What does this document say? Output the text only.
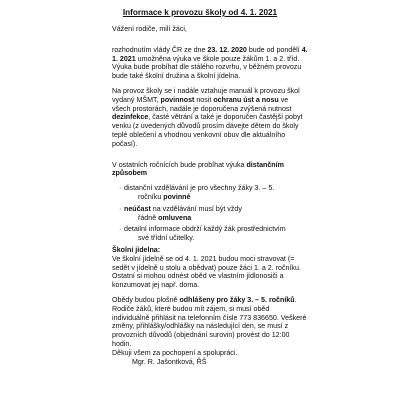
Informace k provozu školy od 4. 1. 2021

Vážení rodiče, milí žáci,

rozhodnutím vlády ČR ze dne 23. 12. 2020 bude od pondělí 4. 1. 2021 umožněna výuka ve škole pouze žákům 1. a 2. tříd.

Výuka bude probíhat dle stálého rozvrhu, v běžném provozu bude také školní družina a školní jídelna.

Na provoz školy se i nadále vztahuje manuál k provozu škol vydaný MŠMT, povinnost nosit ochranu úst a nosu ve všech prostorách, nadále je doporučena zvýšená nutnost dezinfekce, časté větrání a také je doporučen častější pobyt venku (z uvedených důvodů prosím dávejte dětem do školy teplé oblečení a vhodnou venkovní obuv dle aktuálního počasí).

V ostatních ročnících bude probíhat výuka distančním způsobem

· distanční vzdělávání je pro všechny žáky 3. – 5.
ročníku povinné
· neúčast na vzdělávání musí být vždy
řádně omluvena
· detailní informace obdrží každý žák prostřednictvím
své třídní učitelky.

Školní jídelna:

Ve školní jídelně se od 4. 1. 2021 budou moci stravovat (= sedět v jídelně u stolu a obědvat) pouze žáci 1. a 2. ročníku. Ostatní si mohou odnést oběd ve vlastním jídlonosiči a konzumovat jej např. doma.

Obědy budou plošně odhlášeny pro žáky 3. – 5. ročníků. Rodiče žáků, které budou mít zájem, si musí oběd individuálně přihlásit na telefonním čísle 773 836650. Veškeré změny, přihlášky/odhlášky na následující den, se musí z provozních důvodů (objednání surovin) provést do 12:00 hodin.

Děkuji všem za pochopení a spolupráci.

Mgr. R. Jašontková, ŘŠ
